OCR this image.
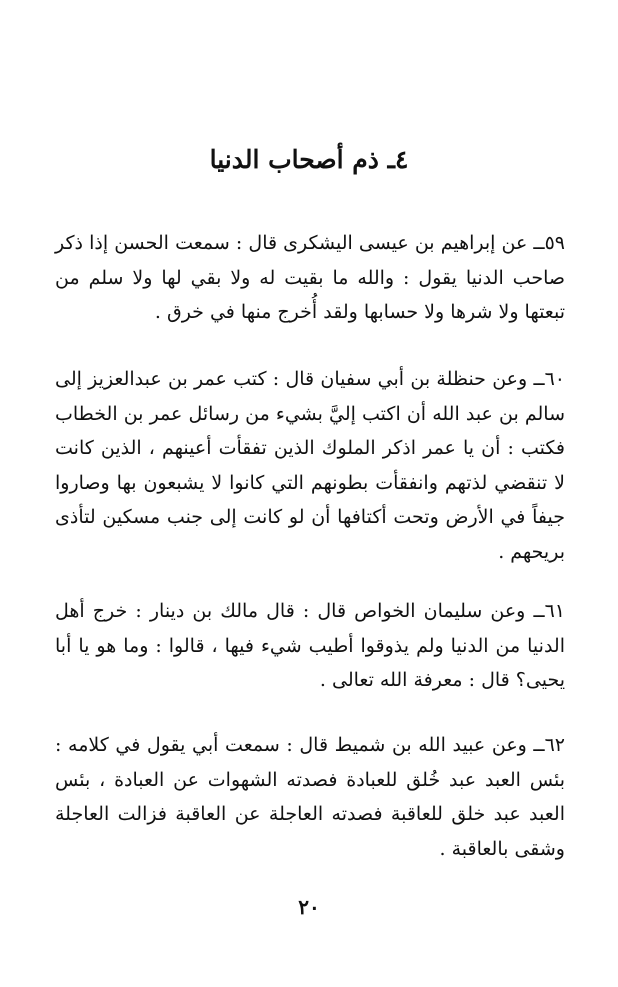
٤ـ ذم أصحاب الدنيا

٥٩ــ عن إبراهيم بن عيسى اليشكرى قال : سمعت الحسن إذا ذكر صاحب الدنيا يقول : والله ما بقيت له ولا بقي لها ولا سلم من تبعتها ولا شرها ولا حسابها ولقد أُخرج منها في خرق .

٦٠ــ وعن حنظلة بن أبي سفيان قال : كتب عمر بن عبدالعزيز إلى سالم بن عبد الله أن اكتب إليَّ بشيء من رسائل عمر بن الخطاب فكتب : أن يا عمر اذكر الملوك الذين تفقأت أعينهم ، الذين كانت لا تنقضي لذتهم وانفقأت بطونهم التي كانوا لا يشبعون بها وصاروا جيفاً في الأرض وتحت أكتافها أن لو كانت إلى جنب مسكين لتأذى بريحهم .

٦١ــ وعن سليمان الخواص قال : قال مالك بن دينار : خرج أهل الدنيا من الدنيا ولم يذوقوا أطيب شيء فيها ، قالوا : وما هو يا أبا يحيى؟ قال : معرفة الله تعالى .

٦٢ــ وعن عبيد الله بن شميط قال : سمعت أبي يقول في كلامه : بئس العبد عبد خُلق للعبادة فصدته الشهوات عن العبادة ، بئس العبد عبد خلق للعاقبة فصدته العاجلة عن العاقبة فزالت العاجلة وشقى بالعاقبة .

٢٠
